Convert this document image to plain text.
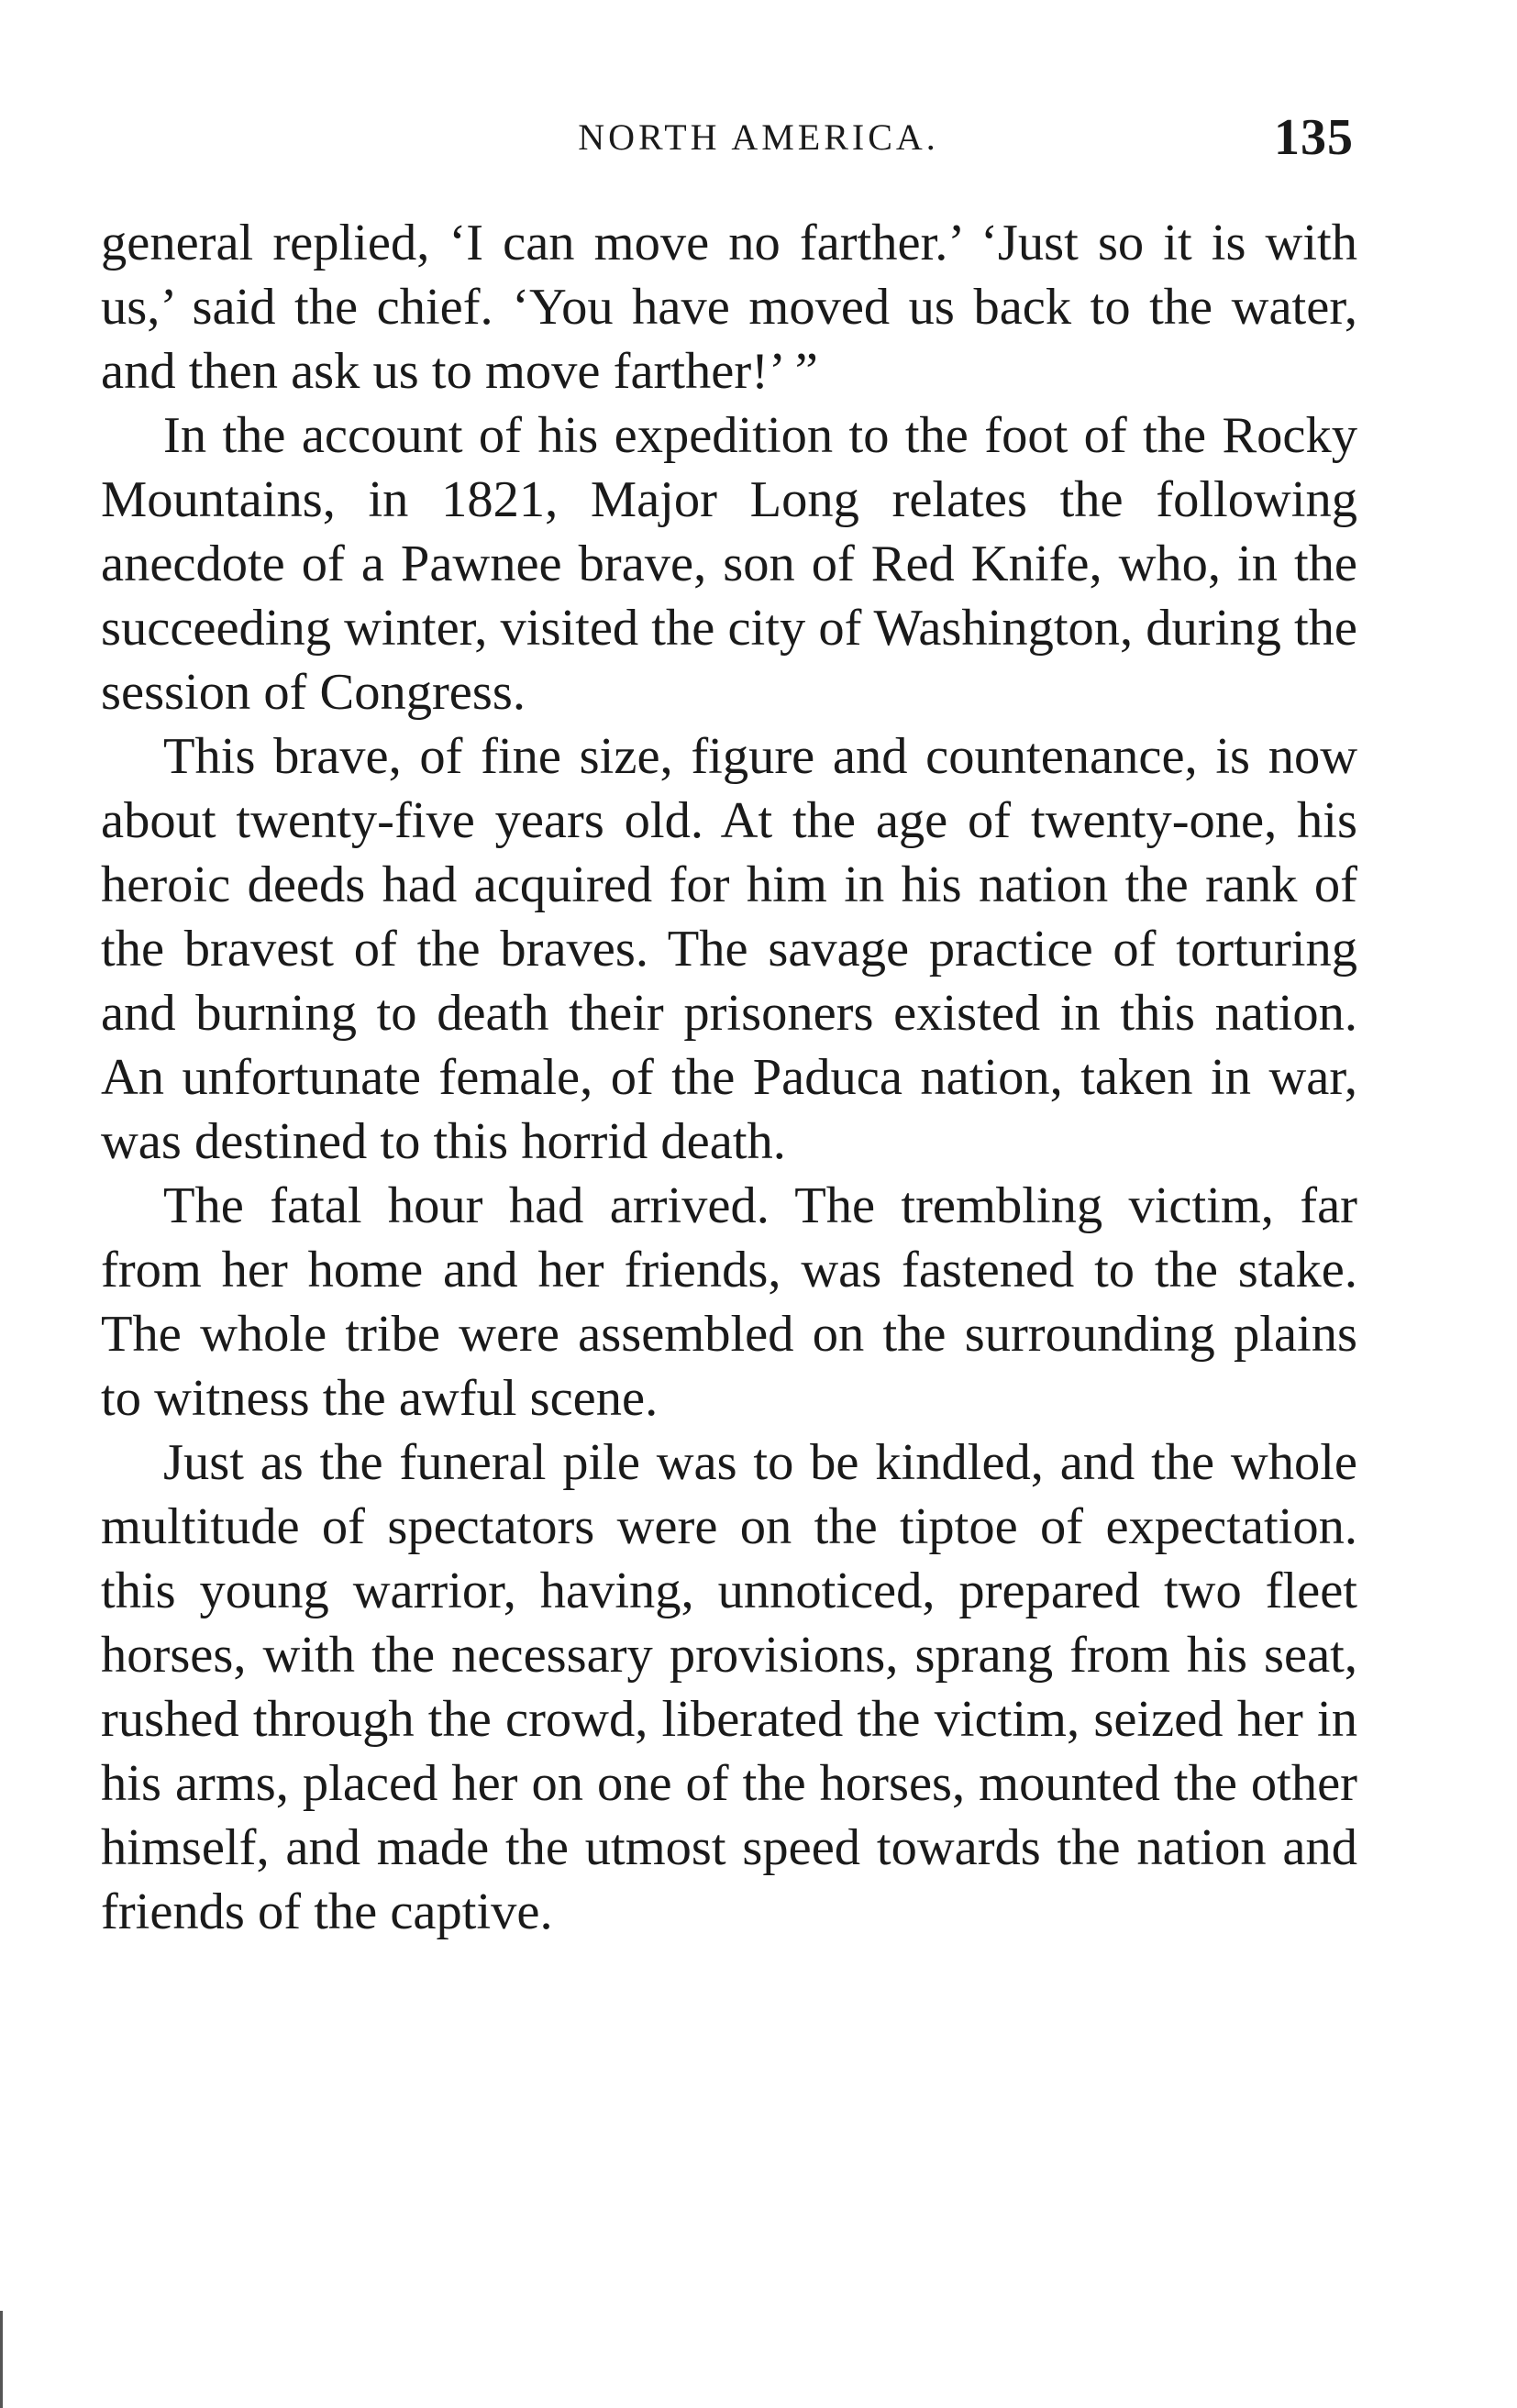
NORTH AMERICA.	135

general replied, ‘I can move no farther.’ ‘Just so it is with us,’ said the chief. ‘You have moved us back to the water, and then ask us to move farther!’ ”

In the account of his expedition to the foot of the Rocky Mountains, in 1821, Major Long relates the following anecdote of a Pawnee brave, son of Red Knife, who, in the succeeding winter, visited the city of Washington, during the session of Congress.

This brave, of fine size, figure and countenance, is now about twenty-five years old. At the age of twenty-one, his heroic deeds had acquired for him in his nation the rank of the bravest of the braves. The savage practice of torturing and burning to death their prisoners existed in this nation. An unfortunate female, of the Paduca nation, taken in war, was destined to this horrid death.

The fatal hour had arrived. The trembling victim, far from her home and her friends, was fastened to the stake. The whole tribe were assembled on the surrounding plains to witness the awful scene.

Just as the funeral pile was to be kindled, and the whole multitude of spectators were on the tiptoe of expectation. this young warrior, having, unnoticed, prepared two fleet horses, with the necessary provisions, sprang from his seat, rushed through the crowd, liberated the victim, seized her in his arms, placed her on one of the horses, mounted the other himself, and made the utmost speed towards the nation and friends of the captive.
